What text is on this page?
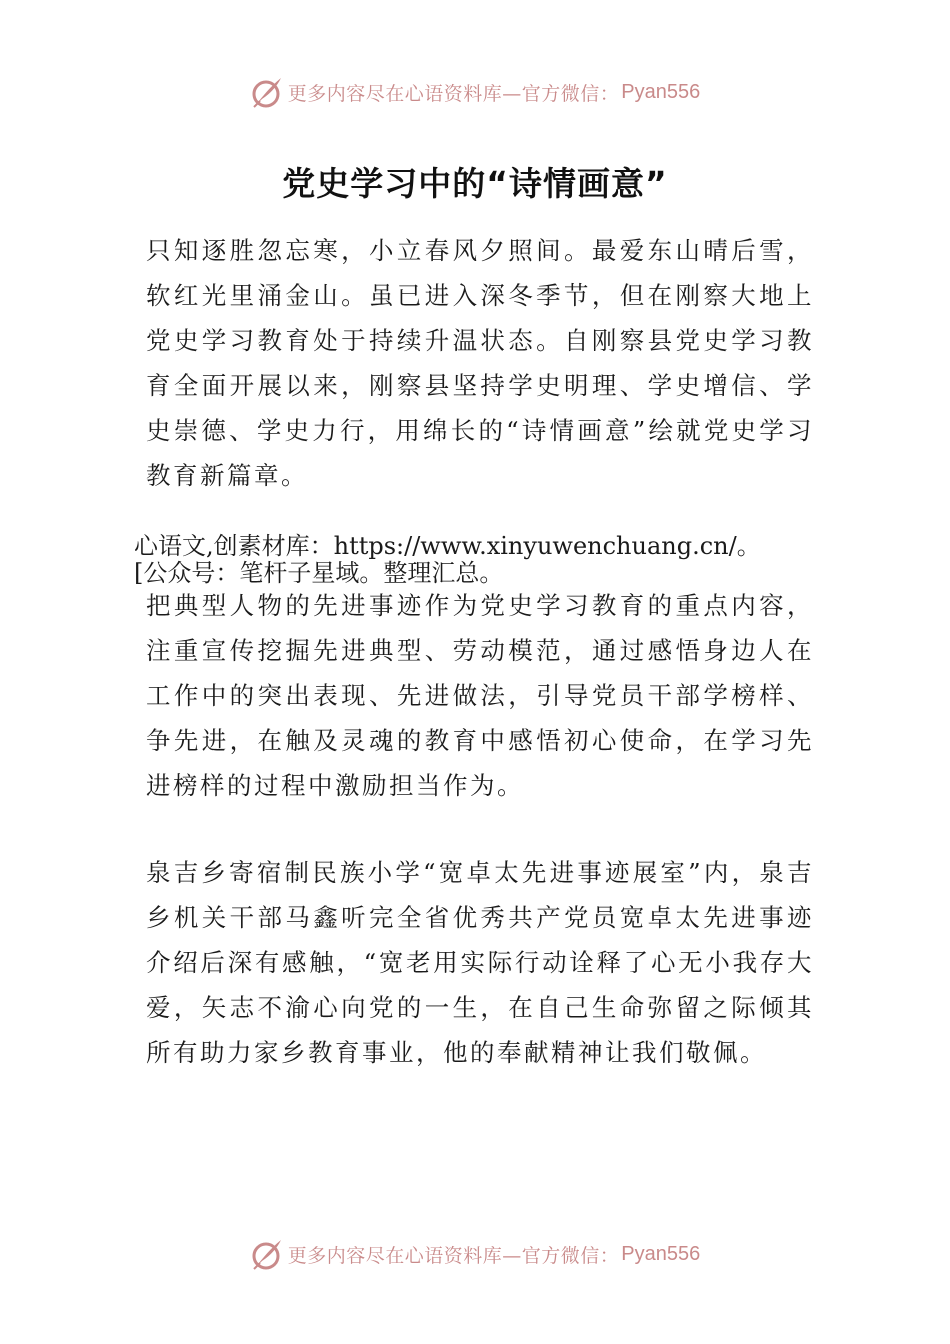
更多内容尽在心语资料库—官方微信： Pyan556
党史学习中的“诗情画意”

只知逐胜忽忘寒，小立春风夕照间。最爱东山晴后雪，软红光里涌金山。虽已进入深冬季节，但在刚察大地上党史学习教育处于持续升温状态。自刚察县党史学习教育全面开展以来，刚察县坚持学史明理、学史增信、学史崇德、学史力行，用绵长的“诗情画意”绘就党史学习教育新篇章。

心语文,创素材库：https://www.xinyuwenchuang.cn/。

[公众号：笔杆子星域。整理汇总。

把典型人物的先进事迹作为党史学习教育的重点内容，注重宣传挖掘先进典型、劳动模范，通过感悟身边人在工作中的突出表现、先进做法，引导党员干部学榜样、争先进，在触及灵魂的教育中感悟初心使命，在学习先进榜样的过程中激励担当作为。

泉吉乡寄宿制民族小学“宽卓太先进事迹展室”内，泉吉乡机关干部马鑫听完全省优秀共产党员宽卓太先进事迹介绍后深有感触，“宽老用实际行动诠释了心无小我存大爱，矢志不渝心向党的一生，在自己生命弥留之际倾其所有助力家乡教育事业，他的奉献精神让我们敬佩。

更多内容尽在心语资料库—官方微信： Pyan556
